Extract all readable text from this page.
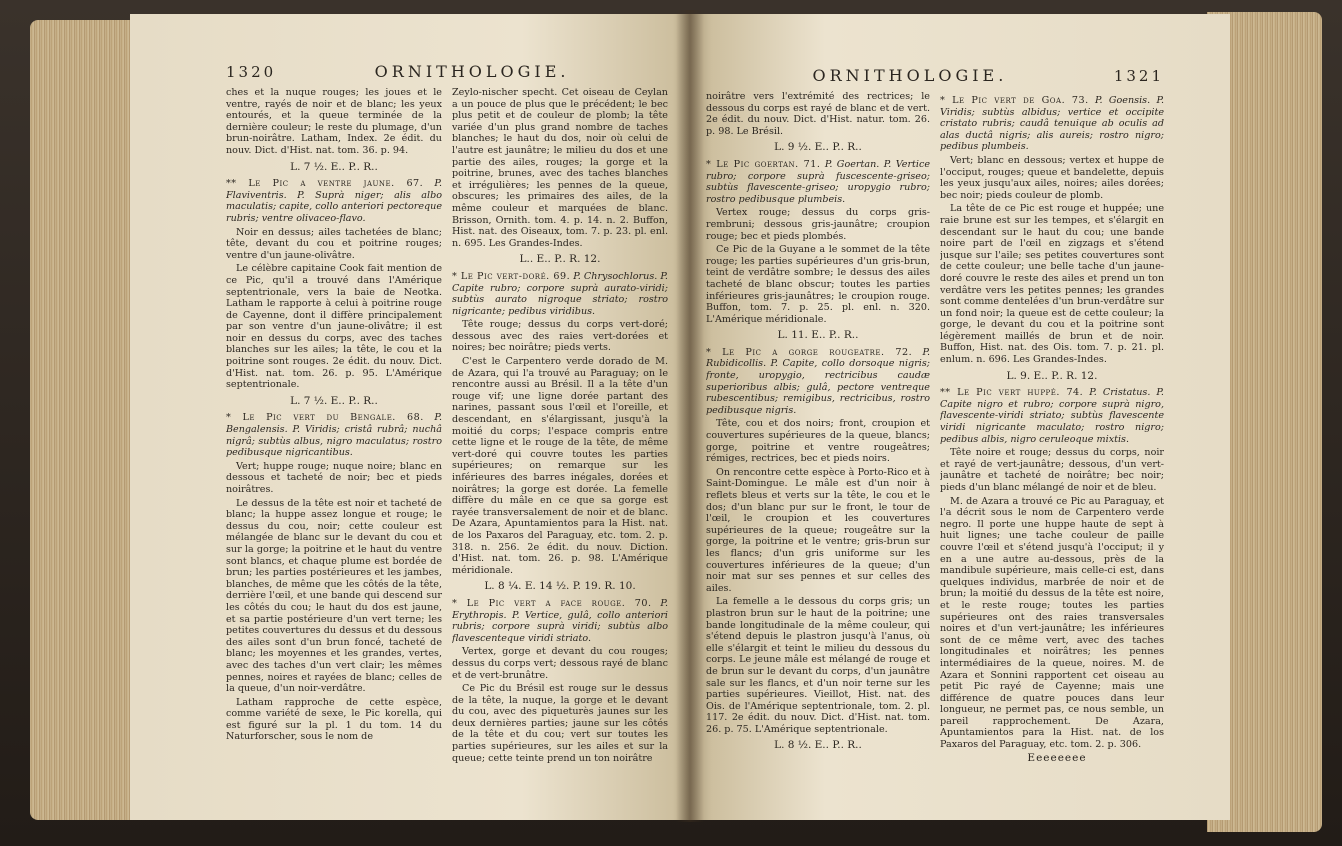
1320	ORNITHOLOGIE.

ches et la nuque rouges; les joues et le ventre, rayés de noir et de blanc; les yeux entourés, et la queue terminée de la dernière couleur; le reste du plumage, d'un brun-noirâtre. Latham, Index. 2e édit. du nouv. Dict. d'Hist. nat. tom. 36. p. 94.

L. 7 ½. E.. P.. R..

** Le Pic a ventre jaune. 67. P. Flaviventris. P. Suprà niger; alis albo maculatis; capite, collo anteriori pectoreque rubris; ventre olivaceo-flavo.

Noir en dessus; ailes tachetées de blanc; tête, devant du cou et poitrine rouges; ventre d'un jaune-olivâtre.

Le célèbre capitaine Cook fait mention de ce Pic, qu'il a trouvé dans l'Amérique septentrionale, vers la baie de Neotka. Latham le rapporte à celui à poitrine rouge de Cayenne, dont il diffère principalement par son ventre d'un jaune-olivâtre; il est noir en dessus du corps, avec des taches blanches sur les ailes; la tête, le cou et la poitrine sont rouges. 2e édit. du nouv. Dict. d'Hist. nat. tom. 26. p. 95. L'Amérique septentrionale.

L. 7 ½. E.. P.. R..

* Le Pic vert du Bengale. 68. P. Bengalensis. P. Viridis; cristâ rubrâ; nuchâ nigrâ; subtùs albus, nigro maculatus; rostro pedibusque nigricantibus.

Vert; huppe rouge; nuque noire; blanc en dessous et tacheté de noir; bec et pieds noirâtres.

Le dessus de la tête est noir et tacheté de blanc; la huppe assez longue et rouge; le dessus du cou, noir; cette couleur est mélangée de blanc sur le devant du cou et sur la gorge; la poitrine et le haut du ventre sont blancs, et chaque plume est bordée de brun; les parties postérieures et les jambes, blanches, de même que les côtés de la tête, derrière l'œil, et une bande qui descend sur les côtés du cou; le haut du dos est jaune, et sa partie postérieure d'un vert terne; les petites couvertures du dessus et du dessous des ailes sont d'un brun foncé, tacheté de blanc; les moyennes et les grandes, vertes, avec des taches d'un vert clair; les mêmes pennes, noires et rayées de blanc; celles de la queue, d'un noir-verdâtre.

Latham rapproche de cette espèce, comme variété de sexe, le Pic korella, qui est figuré sur la pl. 1 du tom. 14 du Naturforscher, sous le nom de

Zeylo-nischer specht. Cet oiseau de Ceylan a un pouce de plus que le précédent; le bec plus petit et de couleur de plomb; la tête variée d'un plus grand nombre de taches blanches; le haut du dos, noir où celui de l'autre est jaunâtre; le milieu du dos et une partie des ailes, rouges; la gorge et la poitrine, brunes, avec des taches blanches et irrégulières; les pennes de la queue, obscures; les primaires des ailes, de la même couleur et marquées de blanc. Brisson, Ornith. tom. 4. p. 14. n. 2. Buffon, Hist. nat. des Oiseaux, tom. 7. p. 23. pl. enl. n. 695. Les Grandes-Indes.

L.. E.. P.. R. 12.

* Le Pic vert-doré. 69. P. Chrysochlorus. P. Capite rubro; corpore suprà aurato-viridi; subtùs aurato nigroque striato; rostro nigricante; pedibus viridibus.

Tête rouge; dessus du corps vert-doré; dessous avec des raies vert-dorées et noires; bec noirâtre; pieds verts.

C'est le Carpentero verde dorado de M. de Azara, qui l'a trouvé au Paraguay; on le rencontre aussi au Brésil. Il a la tête d'un rouge vif; une ligne dorée partant des narines, passant sous l'œil et l'oreille, et descendant, en s'élargissant, jusqu'à la moitié du corps; l'espace compris entre cette ligne et le rouge de la tête, de même vert-doré qui couvre toutes les parties supérieures; on remarque sur les inférieures des barres inégales, dorées et noirâtres; la gorge est dorée. La femelle diffère du mâle en ce que sa gorge est rayée transversalement de noir et de blanc. De Azara, Apuntamientos para la Hist. nat. de los Paxaros del Paraguay, etc. tom. 2. p. 318. n. 256. 2e édit. du nouv. Diction. d'Hist. nat. tom. 26. p. 98. L'Amérique méridionale.

L. 8 ¼. E. 14 ½. P. 19. R. 10.

* Le Pic vert a face rouge. 70. P. Erythropis. P. Vertice, gulâ, collo anteriori rubris; corpore suprà viridi; subtùs albo flavescenteque viridi striato.

Vertex, gorge et devant du cou rouges; dessus du corps vert; dessous rayé de blanc et de vert-brunâtre.

Ce Pic du Brésil est rouge sur le dessus de la tête, la nuque, la gorge et le devant du cou, avec des piqueturès jaunes sur les deux dernières parties; jaune sur les côtés de la tête et du cou; vert sur toutes les parties supérieures, sur les ailes et sur la queue; cette teinte prend un ton noirâtre

ORNITHOLOGIE.	1321

noirâtre vers l'extrémité des rectrices; le dessous du corps est rayé de blanc et de vert. 2e édit. du nouv. Dict. d'Hist. natur. tom. 26. p. 98. Le Brésil.

L. 9 ½. E.. P.. R..

* Le Pic goertan. 71. P. Goertan. P. Vertice rubro; corpore suprà fuscescente-griseo; subtùs flavescente-griseo; uropygio rubro; rostro pedibusque plumbeis.

Vertex rouge; dessus du corps gris-rembruni; dessous gris-jaunâtre; croupion rouge; bec et pieds plombés.

Ce Pic de la Guyane a le sommet de la tête rouge; les parties supérieures d'un gris-brun, teint de verdâtre sombre; le dessus des ailes tacheté de blanc obscur; toutes les parties inférieures gris-jaunâtres; le croupion rouge. Buffon, tom. 7. p. 25. pl. enl. n. 320. L'Amérique méridionale.

L. 11. E.. P.. R..

* Le Pic a gorge rougeatre. 72. P. Rubidicollis. P. Capite, collo dorsoque nigris; fronte, uropygio, rectricibus caudæ superioribus albis; gulâ, pectore ventreque rubescentibus; remigibus, rectricibus, rostro pedibusque nigris.

Tête, cou et dos noirs; front, croupion et couvertures supérieures de la queue, blancs; gorge, poitrine et ventre rougeâtres; rémiges, rectrices, bec et pieds noirs.

On rencontre cette espèce à Porto-Rico et à Saint-Domingue. Le mâle est d'un noir à reflets bleus et verts sur la tête, le cou et le dos; d'un blanc pur sur le front, le tour de l'œil, le croupion et les couvertures supérieures de la queue; rougeâtre sur la gorge, la poitrine et le ventre; gris-brun sur les flancs; d'un gris uniforme sur les couvertures inférieures de la queue; d'un noir mat sur ses pennes et sur celles des ailes.

La femelle a le dessous du corps gris; un plastron brun sur le haut de la poitrine; une bande longitudinale de la même couleur, qui s'étend depuis le plastron jusqu'à l'anus, où elle s'élargit et teint le milieu du dessous du corps. Le jeune mâle est mélangé de rouge et de brun sur le devant du corps, d'un jaunâtre sale sur les flancs, et d'un noir terne sur les parties supérieures. Vieillot, Hist. nat. des Ois. de l'Amérique septentrionale, tom. 2. pl. 117. 2e édit. du nouv. Dict. d'Hist. nat. tom. 26. p. 75. L'Amérique septentrionale.

L. 8 ½. E.. P.. R..

* Le Pic vert de Goa. 73. P. Goensis. P. Viridis; subtùs albidus; vertice et occipite cristato rubris; caudâ tenuique ab oculis ad alas ductâ nigris; alis aureis; rostro nigro; pedibus plumbeis.

Vert; blanc en dessous; vertex et huppe de l'occiput, rouges; queue et bandelette, depuis les yeux jusqu'aux ailes, noires; ailes dorées; bec noir; pieds couleur de plomb.

La tête de ce Pic est rouge et huppée; une raie brune est sur les tempes, et s'élargit en descendant sur le haut du cou; une bande noire part de l'œil en zigzags et s'étend jusque sur l'aile; ses petites couvertures sont de cette couleur; une belle tache d'un jaune-doré couvre le reste des ailes et prend un ton verdâtre vers les petites pennes; les grandes sont comme dentelées d'un brun-verdâtre sur un fond noir; la queue est de cette couleur; la gorge, le devant du cou et la poitrine sont légèrement maillés de brun et de noir. Buffon, Hist. nat. des Ois. tom. 7. p. 21. pl. enlum. n. 696. Les Grandes-Indes.

L. 9. E.. P.. R. 12.

** Le Pic vert huppé. 74. P. Cristatus. P. Capite nigro et rubro; corpore suprà nigro, flavescente-viridi striato; subtùs flavescente viridi nigricante maculato; rostro nigro; pedibus albis, nigro ceruleoque mixtis.

Tête noire et rouge; dessus du corps, noir et rayé de vert-jaunâtre; dessous, d'un vert-jaunâtre et tacheté de noirâtre; bec noir; pieds d'un blanc mélangé de noir et de bleu.

M. de Azara a trouvé ce Pic au Paraguay, et l'a décrit sous le nom de Carpentero verde negro. Il porte une huppe haute de sept à huit lignes; une tache couleur de paille couvre l'œil et s'étend jusqu'à l'occiput; il y en a une autre au-dessous, près de la mandibule supérieure, mais celle-ci est, dans quelques individus, marbrée de noir et de brun; la moitié du dessus de la tête est noire, et le reste rouge; toutes les parties supérieures ont des raies transversales noires et d'un vert-jaunâtre; les inférieures sont de ce même vert, avec des taches longitudinales et noirâtres; les pennes intermédiaires de la queue, noires. M. de Azara et Sonnini rapportent cet oiseau au petit Pic rayé de Cayenne; mais une différence de quatre pouces dans leur longueur, ne permet pas, ce nous semble, un pareil rapprochement. De Azara, Apuntamientos para la Hist. nat. de los Paxaros del Paraguay, etc. tom. 2. p. 306.

Eeeeeeee
